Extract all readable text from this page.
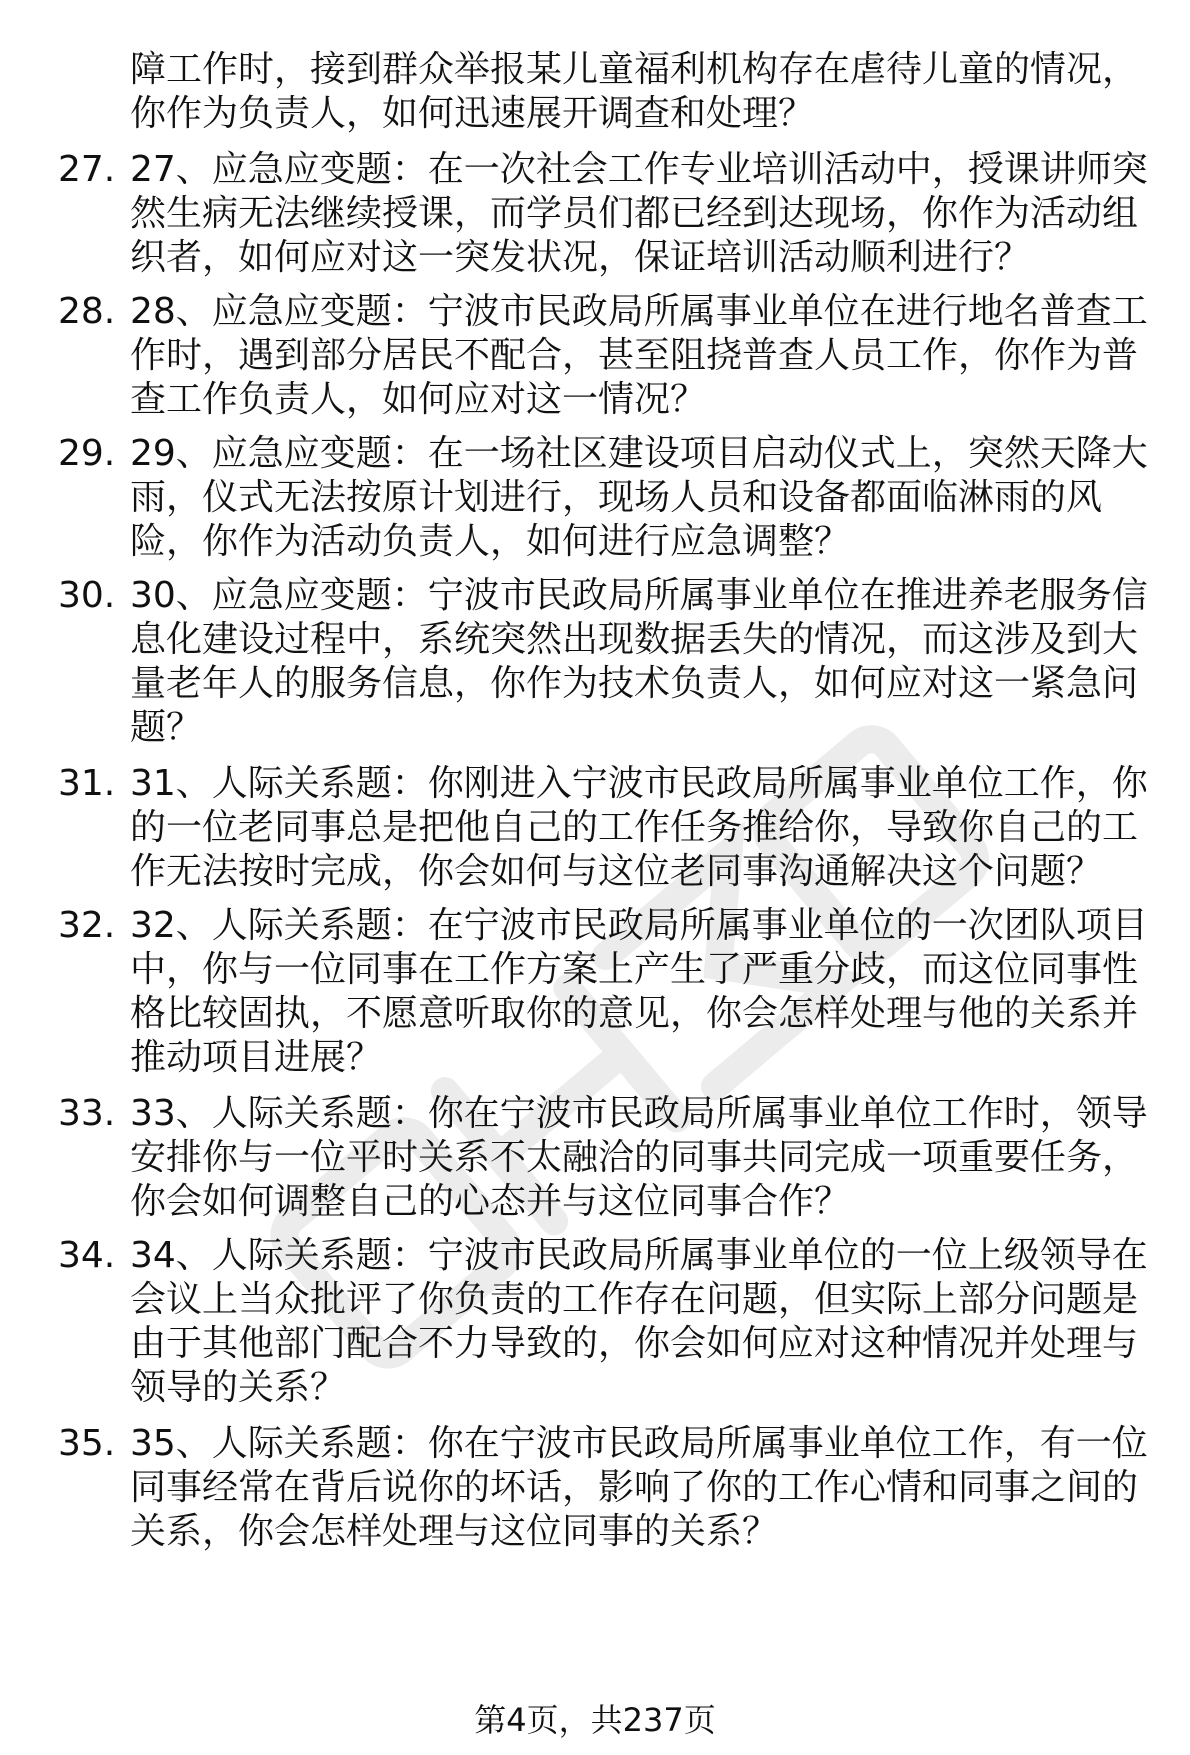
障工作时，接到群众举报某儿童福利机构存在虐待儿童的情况，
你作为负责人，如何迅速展开调查和处理？
27. 27、应急应变题：在一次社会工作专业培训活动中，授课讲师突
然生病无法继续授课，而学员们都已经到达现场，你作为活动组
织者，如何应对这一突发状况，保证培训活动顺利进行？
28. 28、应急应变题：宁波市民政局所属事业单位在进行地名普查工
作时，遇到部分居民不配合，甚至阻挠普查人员工作，你作为普
查工作负责人，如何应对这一情况？
29. 29、应急应变题：在一场社区建设项目启动仪式上，突然天降大
雨，仪式无法按原计划进行，现场人员和设备都面临淋雨的风
险，你作为活动负责人，如何进行应急调整？
30. 30、应急应变题：宁波市民政局所属事业单位在推进养老服务信
息化建设过程中，系统突然出现数据丢失的情况，而这涉及到大
量老年人的服务信息，你作为技术负责人，如何应对这一紧急问
题？
31. 31、人际关系题：你刚进入宁波市民政局所属事业单位工作，你
的一位老同事总是把他自己的工作任务推给你，导致你自己的工
作无法按时完成，你会如何与这位老同事沟通解决这个问题？
32. 32、人际关系题：在宁波市民政局所属事业单位的一次团队项目
中，你与一位同事在工作方案上产生了严重分歧，而这位同事性
格比较固执，不愿意听取你的意见，你会怎样处理与他的关系并
推动项目进展？
33. 33、人际关系题：你在宁波市民政局所属事业单位工作时，领导
安排你与一位平时关系不太融洽的同事共同完成一项重要任务，
你会如何调整自己的心态并与这位同事合作？
34. 34、人际关系题：宁波市民政局所属事业单位的一位上级领导在
会议上当众批评了你负责的工作存在问题，但实际上部分问题是
由于其他部门配合不力导致的，你会如何应对这种情况并处理与
领导的关系？
35. 35、人际关系题：你在宁波市民政局所属事业单位工作，有一位
同事经常在背后说你的坏话，影响了你的工作心情和同事之间的
关系，你会怎样处理与这位同事的关系？
第4页，共237页
